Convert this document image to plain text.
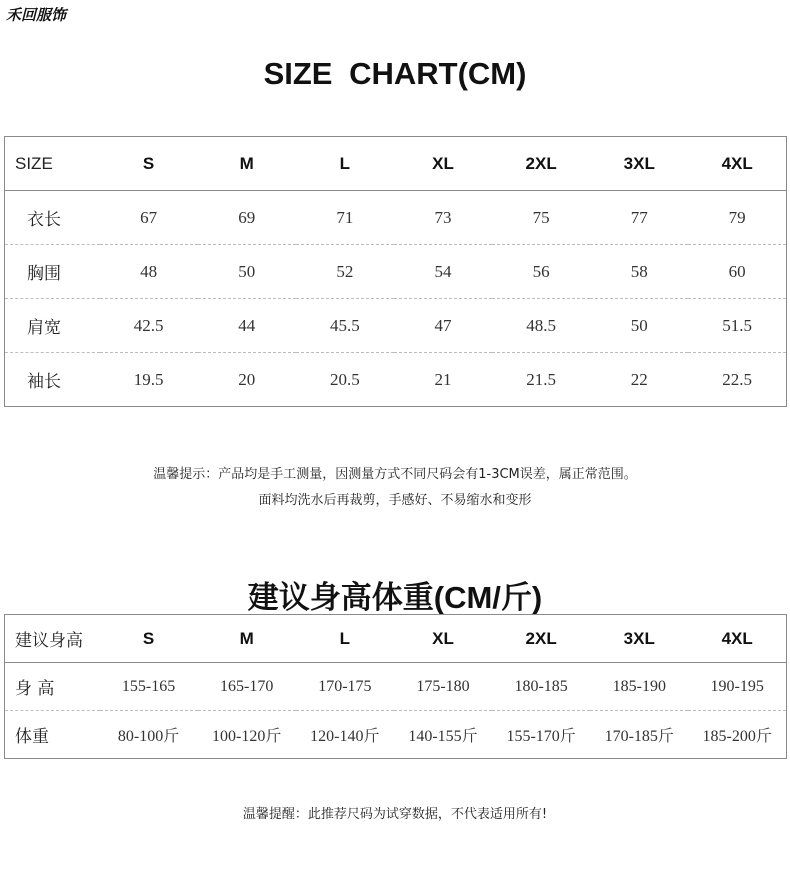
禾回服饰
SIZE CHART(CM)
SIZE	S	M	L	XL	2XL	3XL	4XL
衣长	67	69	71	73	75	77	79
胸围	48	50	52	54	56	58	60
肩宽	42.5	44	45.5	47	48.5	50	51.5
袖长	19.5	20	20.5	21	21.5	22	22.5
温馨提示：产品均是手工测量，因测量方式不同尺码会有1-3CM误差，属正常范围。
面料均洗水后再裁剪，手感好、不易缩水和变形
建议身高体重(CM/斤)
建议身高	S	M	L	XL	2XL	3XL	4XL
身 高	155-165	165-170	170-175	175-180	180-185	185-190	190-195
体重	80-100斤	100-120斤	120-140斤	140-155斤	155-170斤	170-185斤	185-200斤
温馨提醒：此推荐尺码为试穿数据，不代表适用所有!
